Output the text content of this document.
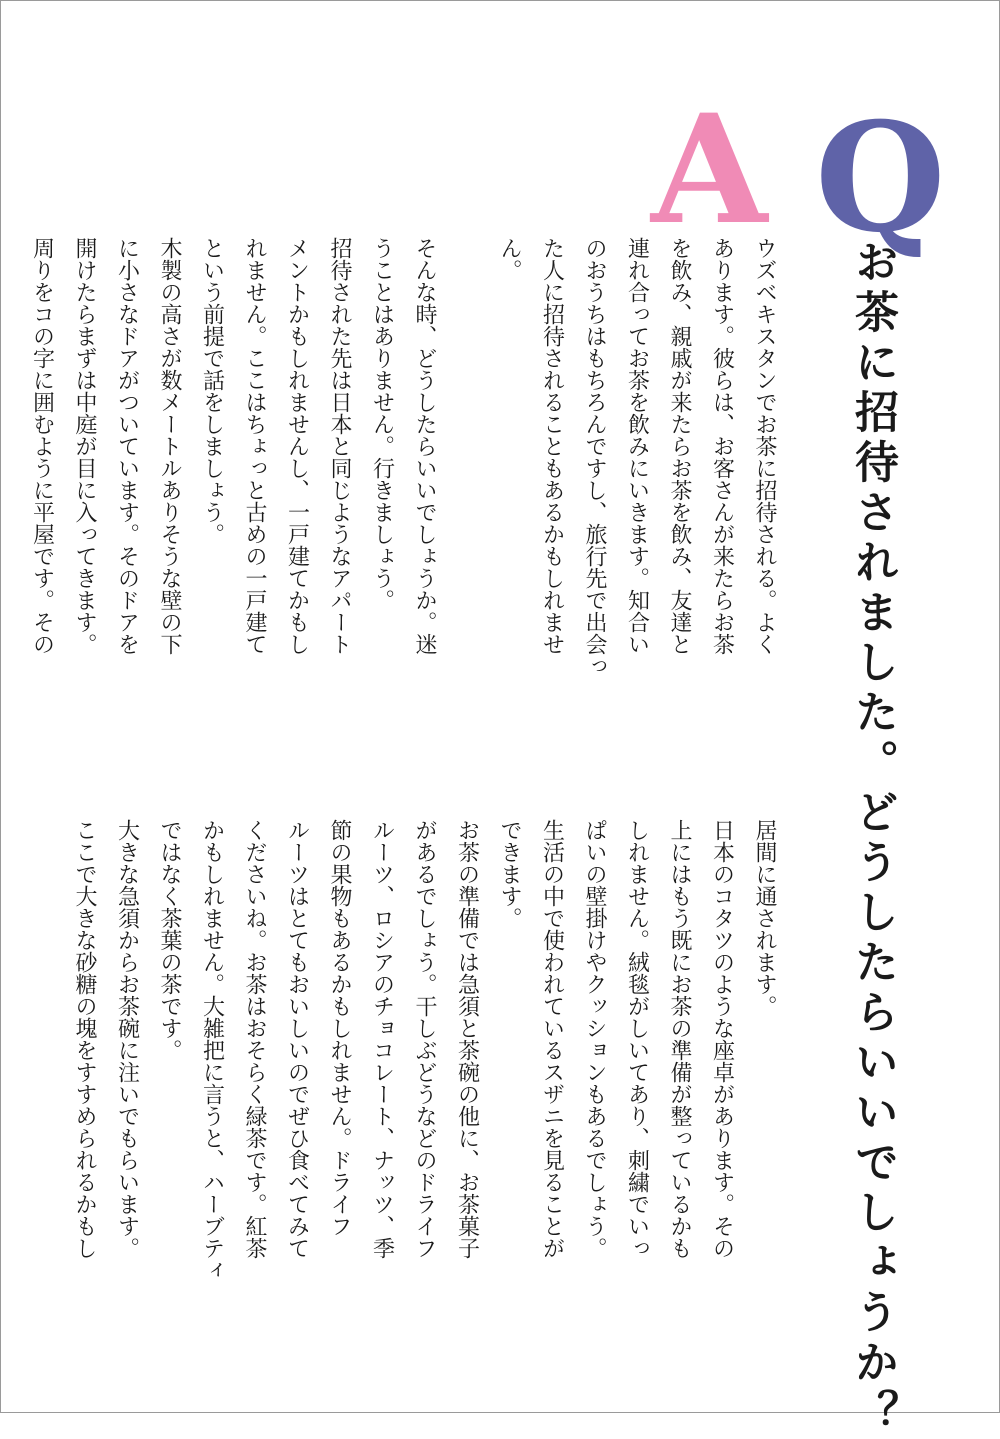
A Q
お茶に招待されました。どうしたらいいでしょうか？
ウズベキスタンでお茶に招待される。よく
あります。彼らは、お客さんが来たらお茶
を飲み、親戚が来たらお茶を飲み、友達と
連れ合ってお茶を飲みにいきます。知合い
のおうちはもちろんですし、旅行先で出会っ
た人に招待されることもあるかもしれませ
ん。
そんな時、どうしたらいいでしょうか。迷
うことはありません。行きましょう。
招待された先は日本と同じようなアパート
メントかもしれませんし、一戸建てかもし
れません。ここはちょっと古めの一戸建て
という前提で話をしましょう。
木製の高さが数メートルありそうな壁の下
に小さなドアがついています。そのドアを
開けたらまずは中庭が目に入ってきます。
周りをコの字に囲むように平屋です。その
居間に通されます。
日本のコタツのような座卓があります。その
上にはもう既にお茶の準備が整っているかも
しれません。絨毯がしいてあり、刺繍でいっ
ぱいの壁掛けやクッションもあるでしょう。
生活の中で使われているスザニを見ることが
できます。
お茶の準備では急須と茶碗の他に、お茶菓子
があるでしょう。干しぶどうなどのドライフ
ルーツ、ロシアのチョコレート、ナッツ、季
節の果物もあるかもしれません。ドライフ
ルーツはとてもおいしいのでぜひ食べてみて
くださいね。お茶はおそらく緑茶です。紅茶
かもしれません。大雑把に言うと、ハーブティ
ではなく茶葉の茶です。
大きな急須からお茶碗に注いでもらいます。
ここで大きな砂糖の塊をすすめられるかもし
